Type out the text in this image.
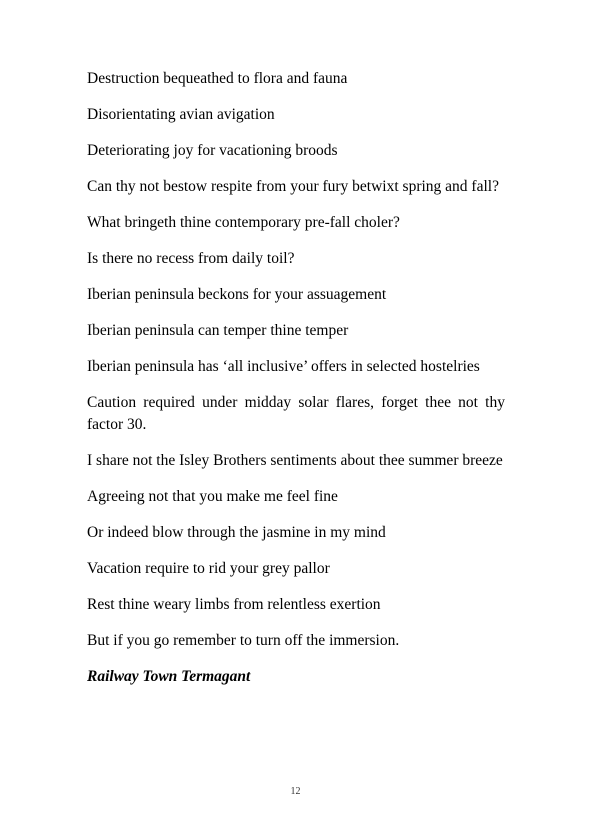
Destruction bequeathed to flora and fauna

Disorientating avian avigation

Deteriorating joy for vacationing broods

Can thy not bestow respite from your fury betwixt spring and fall?

What bringeth thine contemporary pre-fall choler?

Is there no recess from daily toil?

Iberian peninsula beckons for your assuagement

Iberian peninsula can temper thine temper

Iberian peninsula has ‘all inclusive’ offers in selected hostelries

Caution required under midday solar flares, forget thee not thy factor 30.

I share not the Isley Brothers sentiments about thee summer breeze

Agreeing not that you make me feel fine

Or indeed blow through the jasmine in my mind

Vacation require to rid your grey pallor

Rest thine weary limbs from relentless exertion

But if you go remember to turn off the immersion.

Railway Town Termagant

12
